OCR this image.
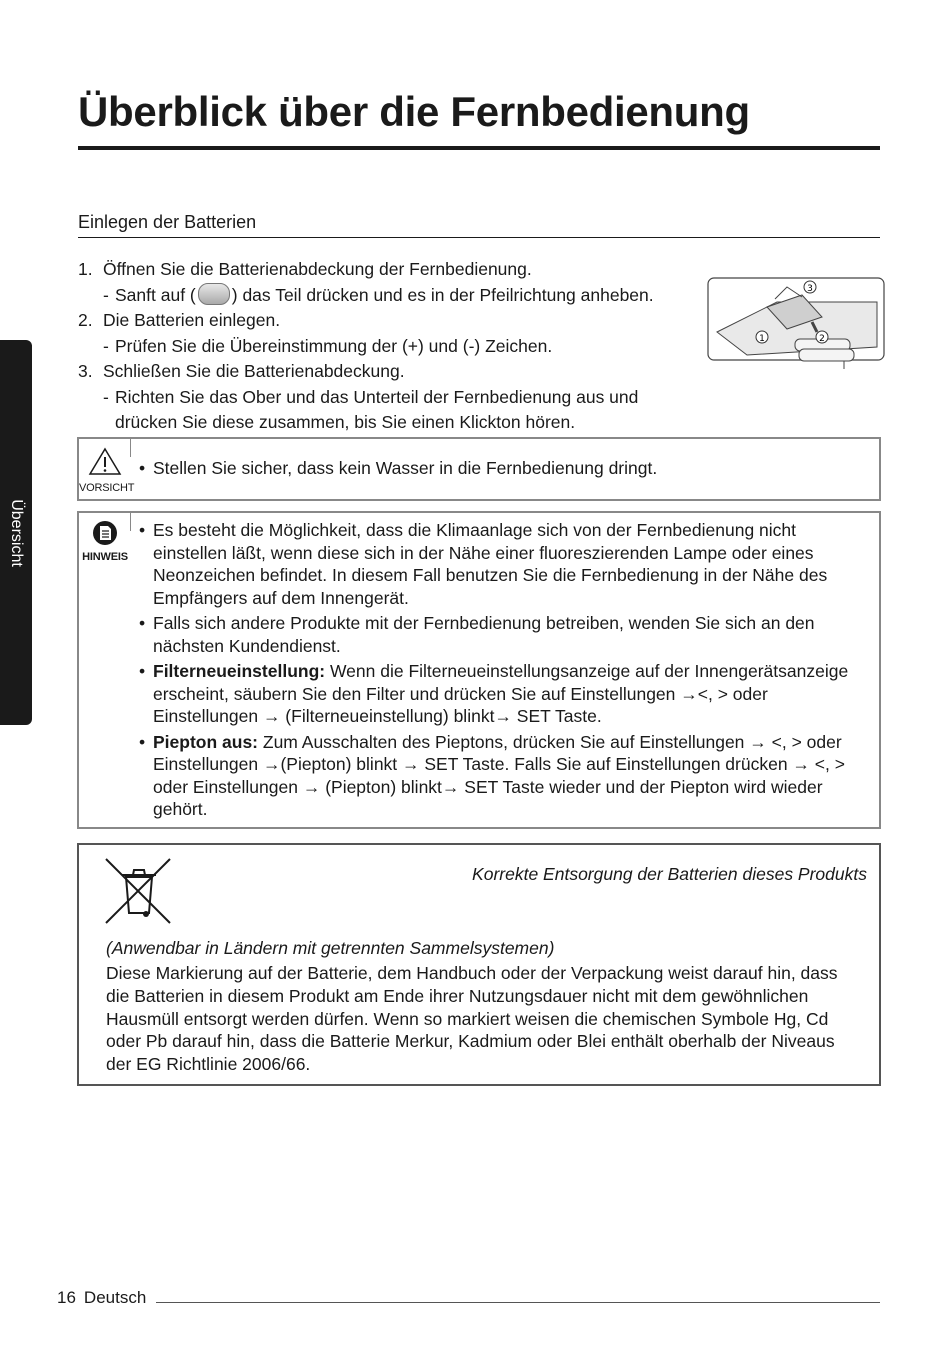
Überblick über die Fernbedienung
Übersicht
Einlegen der Batterien
1. Öffnen Sie die Batterienabdeckung der Fernbedienung.
- Sanft auf ( ) das Teil drücken und es in der Pfeilrichtung anheben.
2. Die Batterien einlegen.
- Prüfen Sie die Übereinstimmung der (+) und (-) Zeichen.
3. Schließen Sie die Batterienabdeckung.
- Richten Sie das Ober und das Unterteil der Fernbedienung aus und drücken Sie diese zusammen, bis Sie einen Klickton hören.
1	2
3
VORSICHT
• Stellen Sie sicher, dass kein Wasser in die Fernbedienung dringt.
HINWEIS
• Es besteht die Möglichkeit, dass die Klimaanlage sich von der Fernbedienung nicht einstellen läßt, wenn diese sich in der Nähe einer fluoreszierenden Lampe oder eines Neonzeichen befindet. In diesem Fall benutzen Sie die Fernbedienung in der Nähe des Empfängers auf dem Innengerät.
• Falls sich andere Produkte mit der Fernbedienung betreiben, wenden Sie sich an den nächsten Kundendienst.
• Filterneueinstellung: Wenn die Filterneueinstellungsanzeige auf der Innengerätsanzeige erscheint, säubern Sie den Filter und drücken Sie auf Einstellungen →<, > oder Einstellungen → (Filterneueinstellung) blinkt→ SET Taste.
• Piepton aus: Zum Ausschalten des Pieptons, drücken Sie auf Einstellungen → <, > oder Einstellungen →(Piepton) blinkt → SET Taste. Falls Sie auf Einstellungen drücken → <, > oder Einstellungen → (Piepton) blinkt→ SET Taste wieder und der Piepton wird wieder gehört.
Korrekte Entsorgung der Batterien dieses Produkts
(Anwendbar in Ländern mit getrennten Sammelsystemen)
Diese Markierung auf der Batterie, dem Handbuch oder der Verpackung weist darauf hin, dass die Batterien in diesem Produkt am Ende ihrer Nutzungsdauer nicht mit dem gewöhnlichen Hausmüll entsorgt werden dürfen. Wenn so markiert weisen die chemischen Symbole Hg, Cd oder Pb darauf hin, dass die Batterie Merkur, Kadmium oder Blei enthält oberhalb der Niveaus der EG Richtlinie 2006/66.
16 Deutsch
